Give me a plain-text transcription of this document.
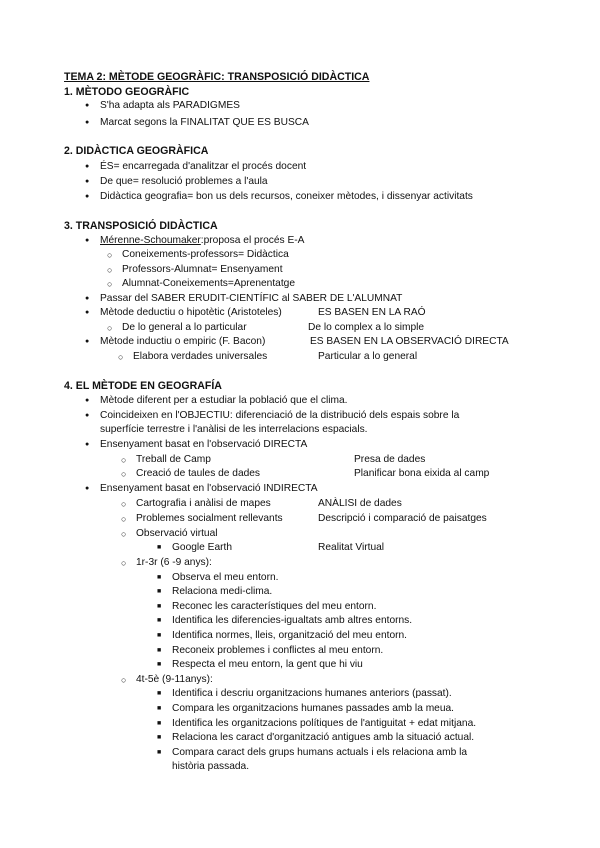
TEMA 2: MÈTODE GEOGRÀFIC: TRANSPOSICIÓ DIDÀCTICA
1. MÈTODO GEOGRÀFIC
● S'ha adapta als PARADIGMES
● Marcat segons la FINALITAT QUE ES BUSCA
2. DIDÀCTICA GEOGRÀFICA
● ÉS= encarregada d'analitzar el procés docent
● De que= resolució problemes a l'aula
● Didàctica geografia= bon us dels recursos, coneixer mètodes, i dissenyar activitats
3. TRANSPOSICIÓ DIDÀCTICA
● Mérenne-Schoumaker:proposa el procés E-A
○ Coneixements-professors= Didàctica
○ Professors-Alumnat= Ensenyament
○ Alumnat-Coneixements=Aprenentatge
● Passar del SABER ERUDIT-CIENTÍFIC al SABER DE L'ALUMNAT
● Mètode deductiu o hipotètic (Aristoteles)	ES BASEN EN LA RAÓ
○ De lo general a lo particular	De lo complex a lo simple
● Mètode inductiu o empiric (F. Bacon)	ES BASEN EN LA OBSERVACIÓ DIRECTA
○ Elabora verdades universales	Particular a lo general
4. EL MÈTODE EN GEOGRAFÍA
● Mètode diferent per a estudiar la població que el clima.
● Coincideixen en l'OBJECTIU: diferenciació de la distribució dels espais sobre la
superfície terrestre i l'anàlisi de les interrelacions espacials.
● Ensenyament basat en l'observació DIRECTA
○ Treball de Camp	Presa de dades
○ Creació de taules de dades	Planificar bona eixida al camp
● Ensenyament basat en l'observació INDIRECTA
○ Cartografia i anàlisi de mapes	ANÀLISI de dades
○ Problemes socialment rellevants	Descripció i comparació de paisatges
○ Observació virtual
■ Google Earth	Realitat Virtual
○ 1r-3r (6 -9 anys):
■ Observa el meu entorn.
■ Relaciona medi-clima.
■ Reconec les característiques del meu entorn.
■ Identifica les diferencies-igualtats amb altres entorns.
■ Identifica normes, lleis, organització del meu entorn.
■ Reconeix problemes i conflictes al meu entorn.
■ Respecta el meu entorn, la gent que hi viu
○ 4t-5è (9-11anys):
■ Identifica i descriu organitzacions humanes anteriors (passat).
■ Compara les organitzacions humanes passades amb la meua.
■ Identifica les organitzacions polítiques de l'antiguitat + edat mitjana.
■ Relaciona les caract d'organització antigues amb la situació actual.
■ Compara caract dels grups humans actuals i els relaciona amb la
història passada.
